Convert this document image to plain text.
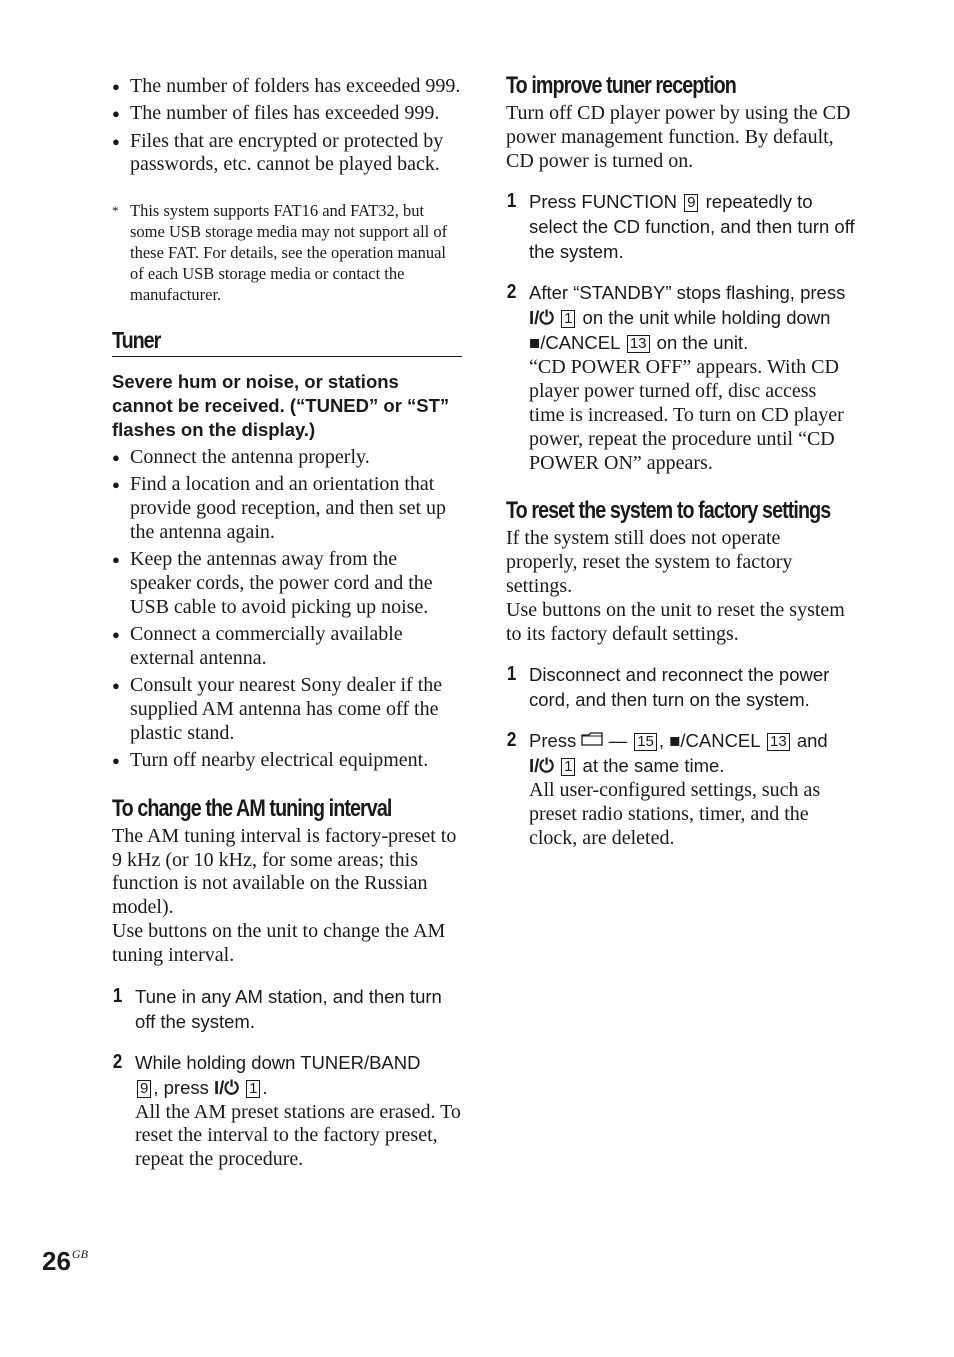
● The number of folders has exceeded 999.
● The number of files has exceeded 999.
● Files that are encrypted or protected by passwords, etc. cannot be played back.
* This system supports FAT16 and FAT32, but some USB storage media may not support all of these FAT. For details, see the operation manual of each USB storage media or contact the manufacturer.
Tuner
Severe hum or noise, or stations cannot be received. (“TUNED” or “ST” flashes on the display.)
● Connect the antenna properly.
● Find a location and an orientation that provide good reception, and then set up the antenna again.
● Keep the antennas away from the speaker cords, the power cord and the USB cable to avoid picking up noise.
● Connect a commercially available external antenna.
● Consult your nearest Sony dealer if the supplied AM antenna has come off the plastic stand.
● Turn off nearby electrical equipment.
To change the AM tuning interval
The AM tuning interval is factory-preset to 9 kHz (or 10 kHz, for some areas; this function is not available on the Russian model).
Use buttons on the unit to change the AM tuning interval.
1 Tune in any AM station, and then turn off the system.
2 While holding down TUNER/BAND
9 , press I/⏻ 1 .
All the AM preset stations are erased. To reset the interval to the factory preset, repeat the procedure.
To improve tuner reception
Turn off CD player power by using the CD power management function. By default, CD power is turned on.
1 Press FUNCTION 9 repeatedly to select the CD function, and then turn off the system.
2 After “STANDBY” stops flashing, press I/⏻ 1 on the unit while holding down ■/CANCEL 13 on the unit.
“CD POWER OFF” appears. With CD player power turned off, disc access time is increased. To turn on CD player power, repeat the procedure until “CD POWER ON” appears.
To reset the system to factory settings
If the system still does not operate properly, reset the system to factory settings.
Use buttons on the unit to reset the system to its factory default settings.
1 Disconnect and reconnect the power cord, and then turn on the system.
2 Press — 15 , ■/CANCEL 13 and
I/⏻ 1 at the same time.
All user-configured settings, such as preset radio stations, timer, and the clock, are deleted.
$26^{GB}$
